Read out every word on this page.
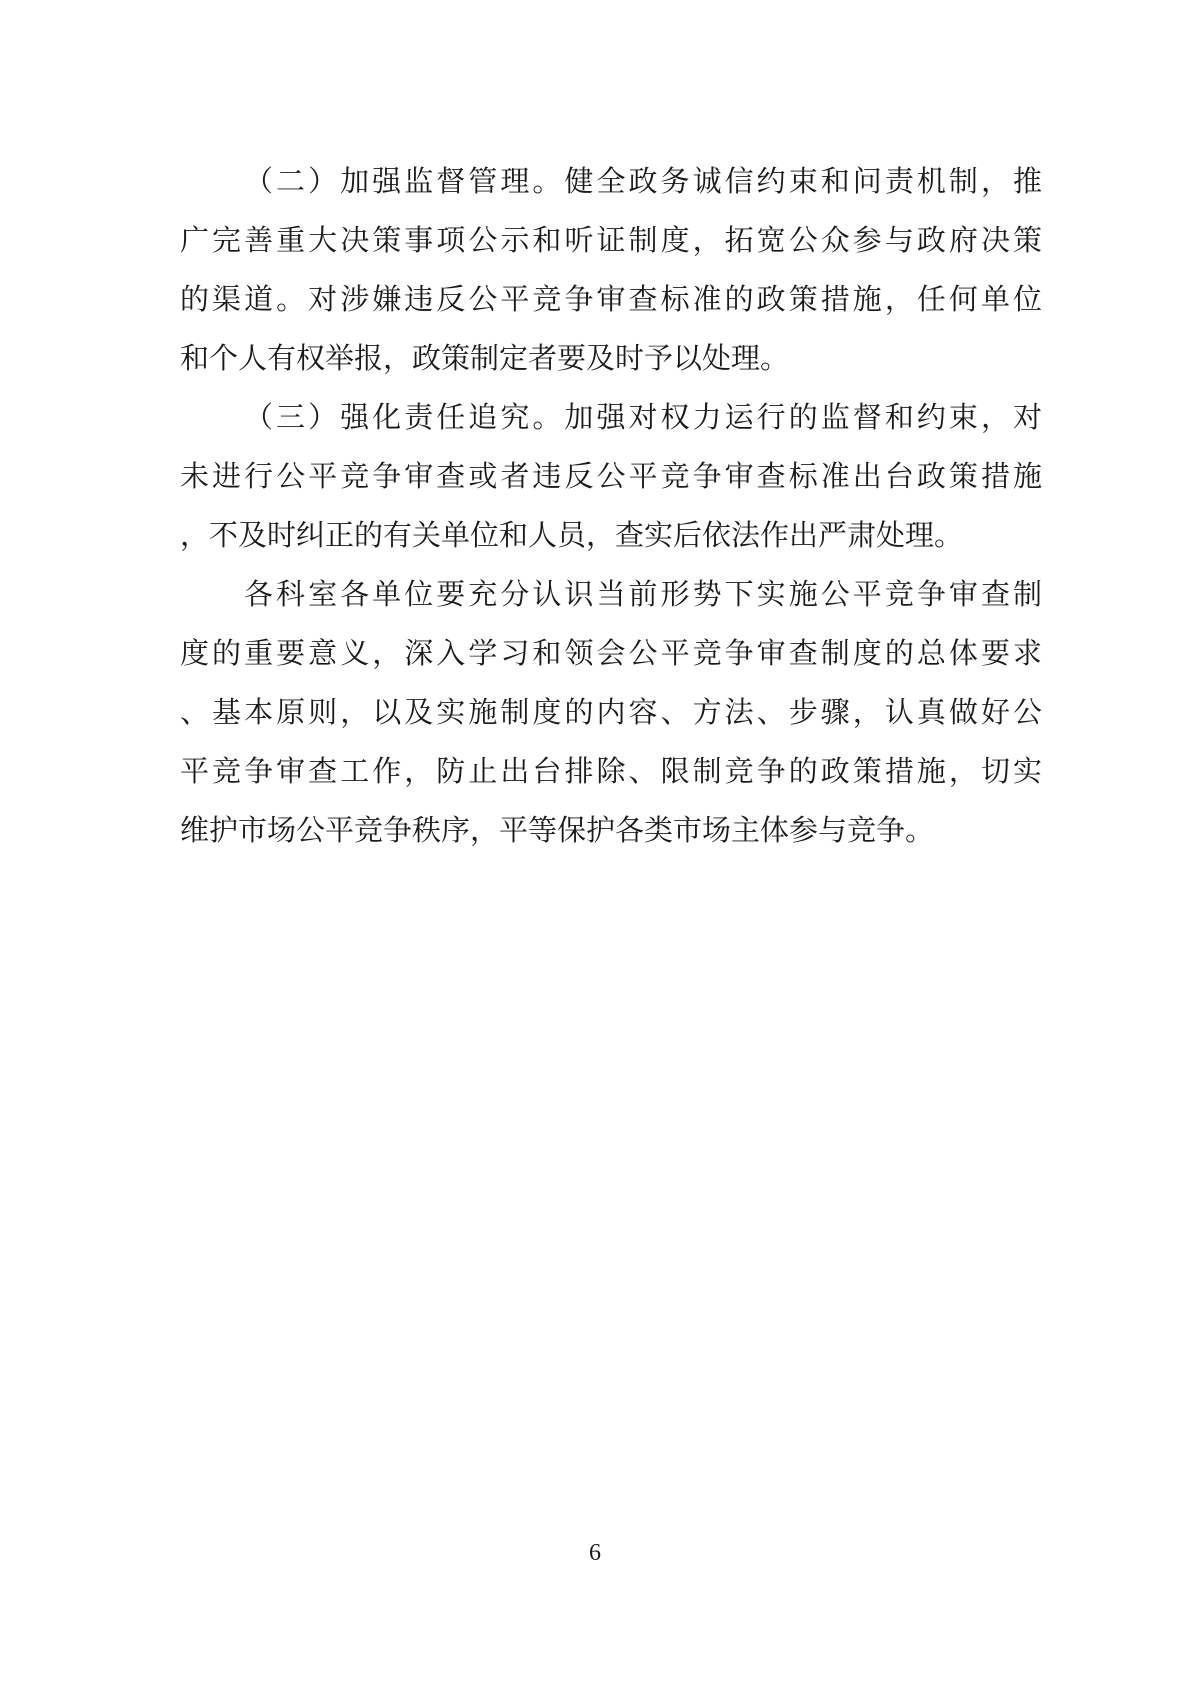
（二）加强监督管理。健全政务诚信约束和问责机制，推
广完善重大决策事项公示和听证制度，拓宽公众参与政府决策
的渠道。对涉嫌违反公平竞争审查标准的政策措施，任何单位
和个人有权举报，政策制定者要及时予以处理。
（三）强化责任追究。加强对权力运行的监督和约束，对
未进行公平竞争审查或者违反公平竞争审查标准出台政策措施
，不及时纠正的有关单位和人员，查实后依法作出严肃处理。
各科室各单位要充分认识当前形势下实施公平竞争审查制
度的重要意义，深入学习和领会公平竞争审查制度的总体要求
、基本原则，以及实施制度的内容、方法、步骤，认真做好公
平竞争审查工作，防止出台排除、限制竞争的政策措施，切实
维护市场公平竞争秩序，平等保护各类市场主体参与竞争。
6
